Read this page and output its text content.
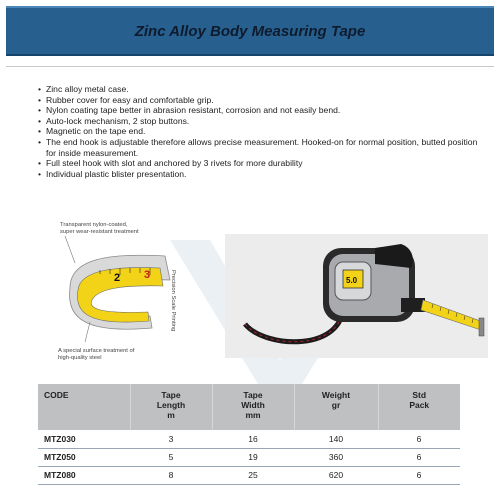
Zinc Alloy Body Measuring Tape
• Zinc alloy metal case.
• Rubber cover for easy and comfortable grip.
• Nylon coating tape better in abrasion resistant, corrosion and not easily bend.
• Auto-lock mechanism, 2 stop buttons.
• Magnetic on the tape end.
• The end hook is adjustable therefore allows precise measurement. Hooked-on for normal position, butted position for inside measurement.
• Full steel hook with slot and anchored by 3 rivets for more durability
• Individual plastic blister presentation.
Transparent nylon-coated,
super wear-resistant treatment
2 3	Precision Scale Printing
A special surface treatment of
high-quality steel
5.0
CODE	Tape
Length
m	Tape
Width
mm	Weight
gr	Std
Pack

MTZ030	3	16	140	6
MTZ050	5	19	360	6
MTZ080	8	25	620	6
